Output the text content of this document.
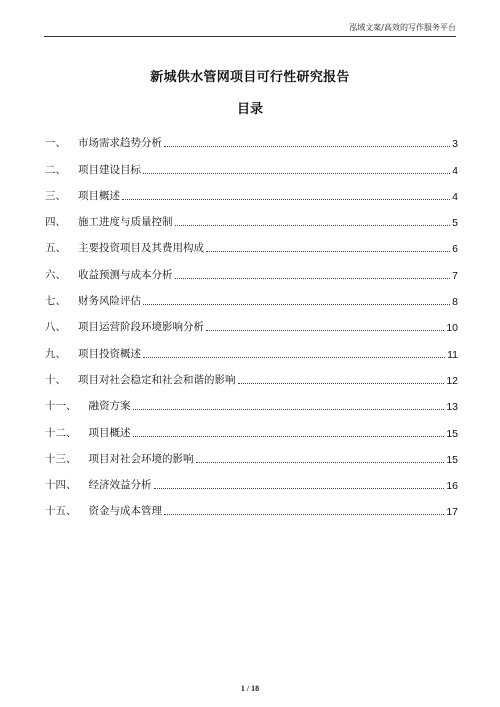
泓域文案/高效的写作服务平台
新城供水管网项目可行性研究报告
目录
一、 市场需求趋势分析	3
二、 项目建设目标	4
三、 项目概述	4
四、 施工进度与质量控制	5
五、 主要投资项目及其费用构成	6
六、 收益预测与成本分析	7
七、 财务风险评估	8
八、 项目运营阶段环境影响分析	10
九、 项目投资概述	11
十、 项目对社会稳定和社会和谐的影响	12
十一、 融资方案	13
十二、 项目概述	15
十三、 项目对社会环境的影响	15
十四、 经济效益分析	16
十五、 资金与成本管理	17
1 / 18
